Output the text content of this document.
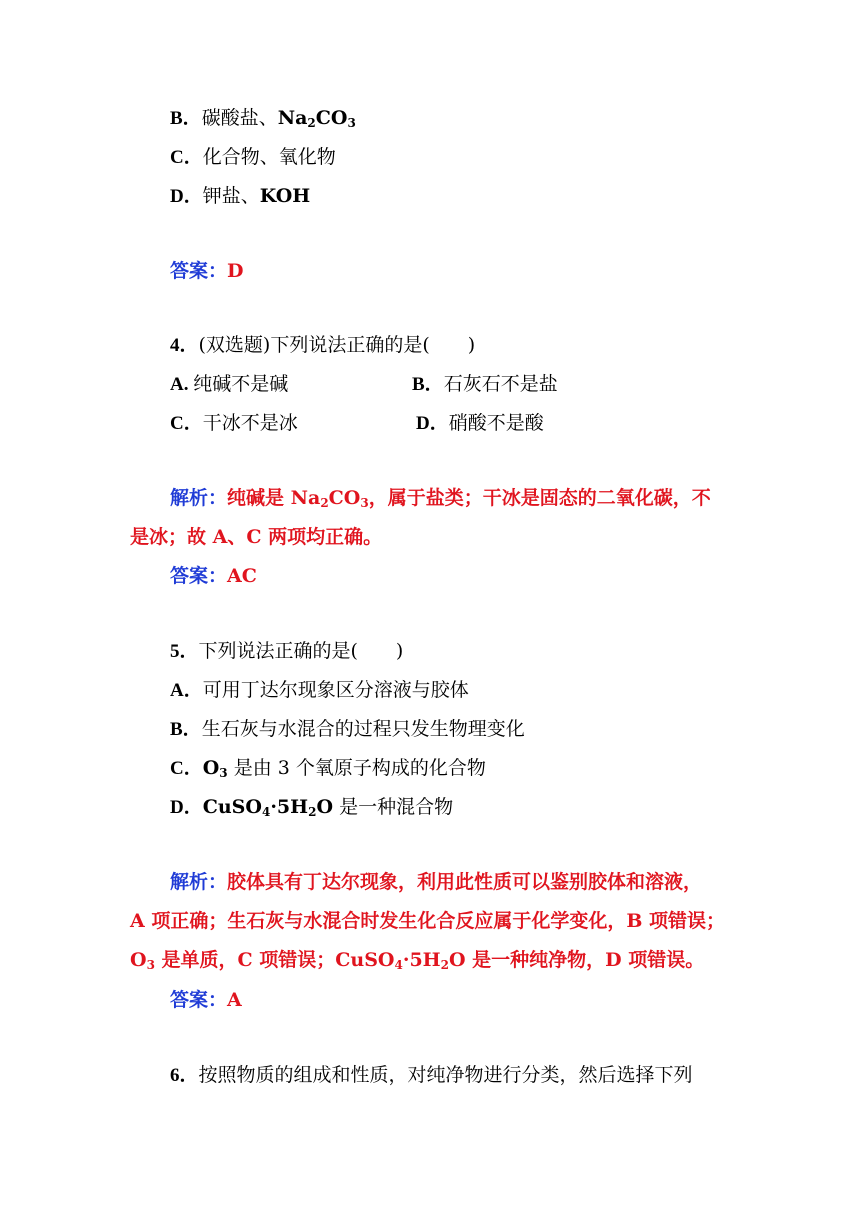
B．碳酸盐、$Na_2CO_3$
C．化合物、氧化物
D．钾盐、KOH
答案：D
4．(双选题)下列说法正确的是(　　)
A. 纯碱不是碱	B．石灰石不是盐
C．干冰不是冰	D．硝酸不是酸
解析：纯碱是 $Na_2CO_3$，属于盐类；干冰是固态的二氧化碳，不
是冰；故 A、C 两项均正确。
答案：AC
5．下列说法正确的是(　　)
A．可用丁达尔现象区分溶液与胶体
B．生石灰与水混合的过程只发生物理变化
C．$O_3$ 是由 3 个氧原子构成的化合物
D．$CuSO_4\cdot 5H_2O$ 是一种混合物
解析：胶体具有丁达尔现象，利用此性质可以鉴别胶体和溶液，
A 项正确；生石灰与水混合时发生化合反应属于化学变化，B 项错误；
$O_3$ 是单质，C 项错误；$CuSO_4\cdot 5H_2O$ 是一种纯净物，D 项错误。
答案：A
6．按照物质的组成和性质，对纯净物进行分类，然后选择下列
